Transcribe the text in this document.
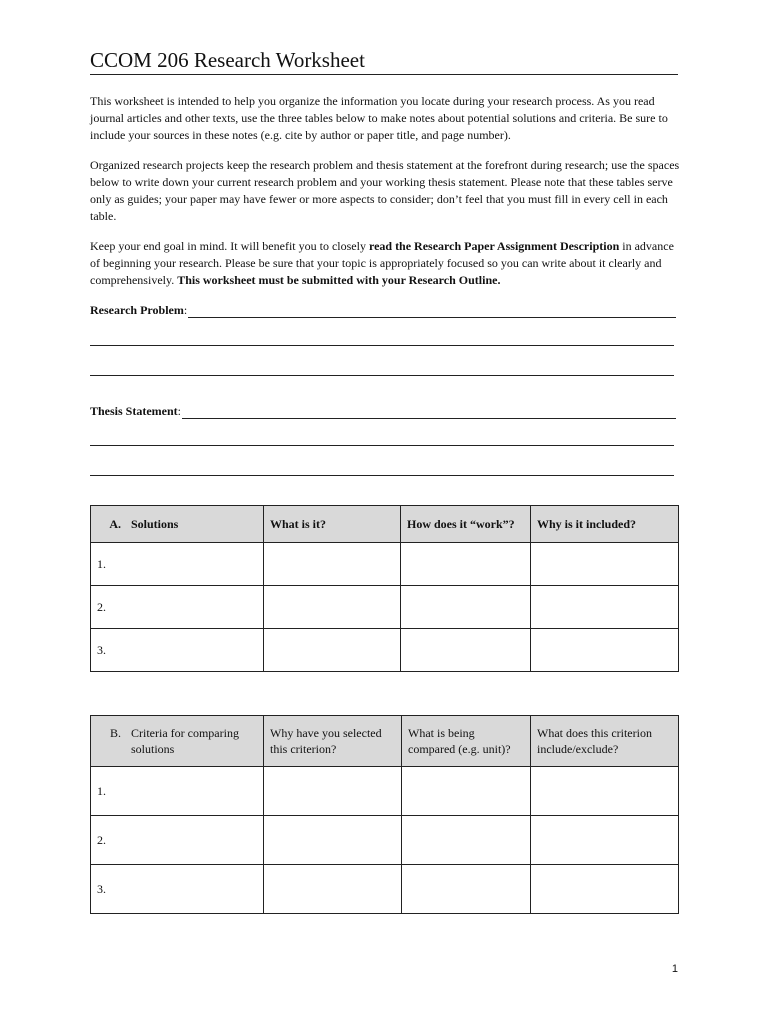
CCOM 206 Research Worksheet

This worksheet is intended to help you organize the information you locate during your research process. As you read journal articles and other texts, use the three tables below to make notes about potential solutions and criteria. Be sure to include your sources in these notes (e.g. cite by author or paper title, and page number).

Organized research projects keep the research problem and thesis statement at the forefront during research; use the spaces below to write down your current research problem and your working thesis statement. Please note that these tables serve only as guides; your paper may have fewer or more aspects to consider; don’t feel that you must fill in every cell in each table.

Keep your end goal in mind. It will benefit you to closely read the Research Paper Assignment Description in advance of beginning your research. Please be sure that your topic is appropriately focused so you can write about it clearly and comprehensively. This worksheet must be submitted with your Research Outline.

Research Problem :
Thesis Statement :
A. Solutions	What is it?	How does it “work”?	Why is it included?
1.			
2.			
3.			
B. Criteria for comparing solutions	Why have you selected this criterion?	What is being compared (e.g. unit)?	What does this criterion include/exclude?
1.			
2.			
3.			
1
